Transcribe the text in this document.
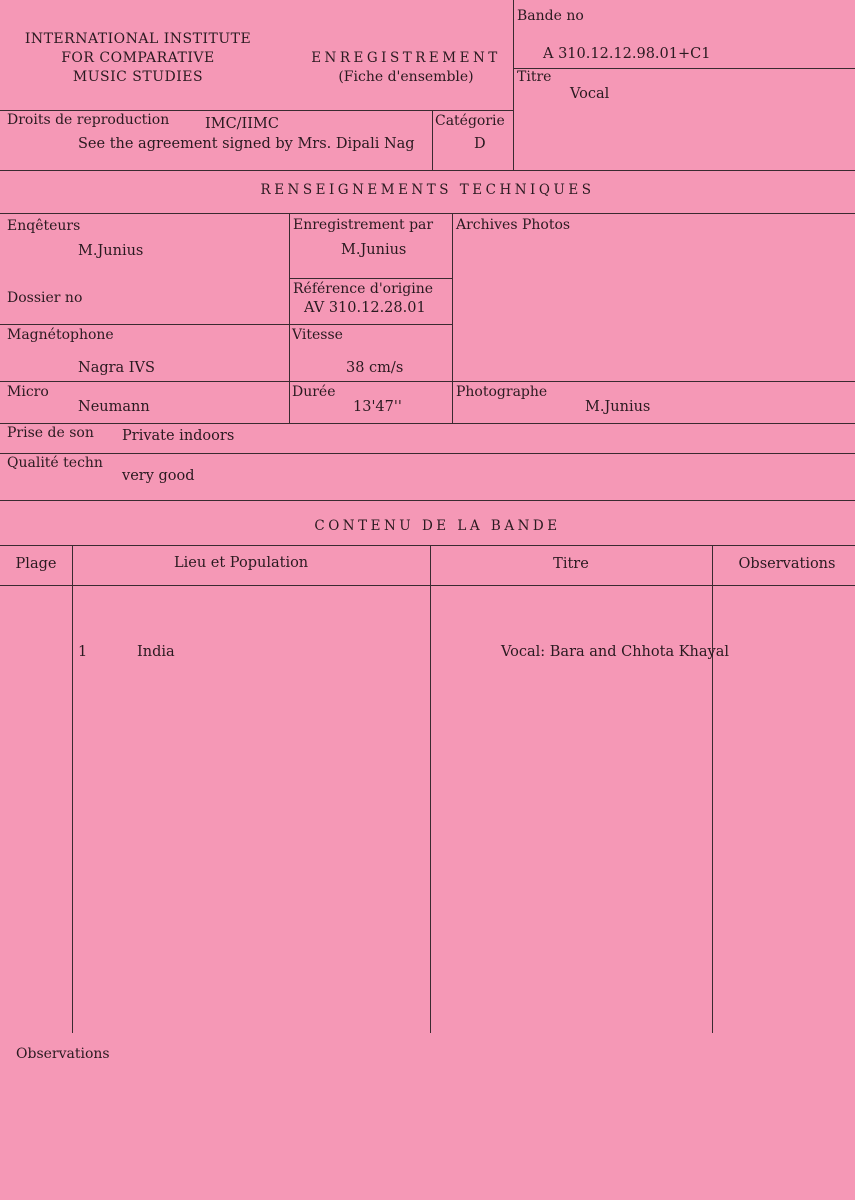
INTERNATIONAL INSTITUTE
FOR COMPARATIVE
MUSIC STUDIES
ENREGISTREMENT
(Fiche d'ensemble)
Bande no
A 310.12.12.98.01+C1
Titre
Vocal
Droits de reproduction IMC/IIMC
See the agreement signed by Mrs. Dipali Nag
Catégorie
D
RENSEIGNEMENTS TECHNIQUES
Enqêteurs
M.Junius
Enregistrement par
M.Junius
Archives Photos
Dossier no
Référence d'origine
AV 310.12.28.01
Magnétophone
Nagra IVS
Vitesse
38 cm/s
Micro
Neumann
Durée
13'47''
Photographe
M.Junius
Prise de son Private indoors
Qualité techn
very good
CONTENU DE LA BANDE
Plage	Lieu et Population	Titre	Observations
1	India	Vocal: Bara and Chhota Khayal
Observations
